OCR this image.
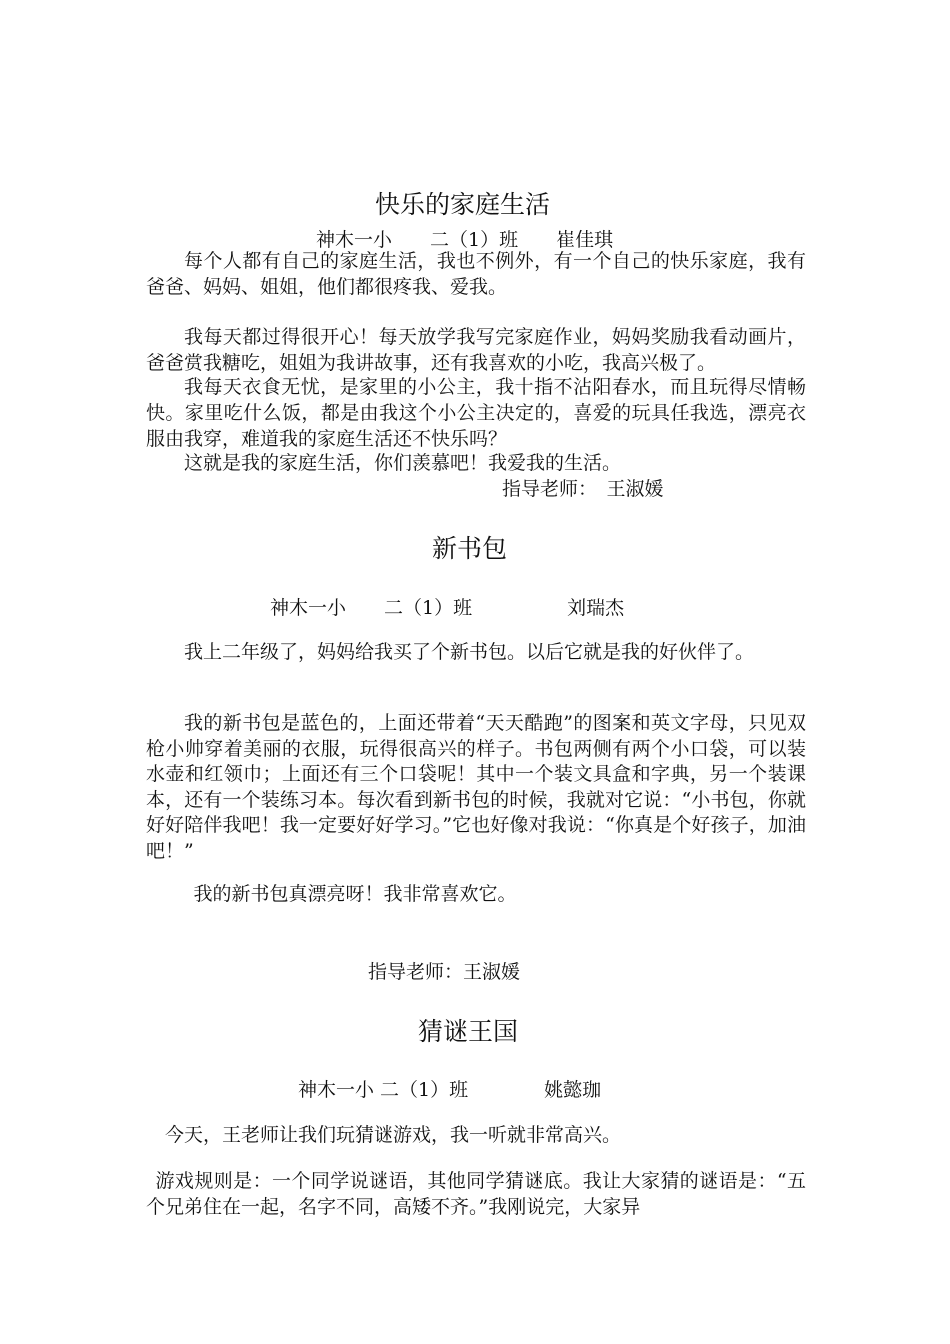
快乐的家庭生活
神木一小　　二（1）班　　崔佳琪

每个人都有自己的家庭生活，我也不例外，有一个自己的快乐家庭，我有爸爸、妈妈、姐姐，他们都很疼我、爱我。

我每天都过得很开心！每天放学我写完家庭作业，妈妈奖励我看动画片，爸爸赏我糖吃，姐姐为我讲故事，还有我喜欢的小吃，我高兴极了。

我每天衣食无忧，是家里的小公主，我十指不沾阳春水，而且玩得尽情畅快。家里吃什么饭，都是由我这个小公主决定的，喜爱的玩具任我选，漂亮衣服由我穿，难道我的家庭生活还不快乐吗？

这就是我的家庭生活，你们羡慕吧！我爱我的生活。

指导老师：　王淑媛
新书包
神木一小　　二（1）班　　　　　刘瑞杰

我上二年级了，妈妈给我买了个新书包。以后它就是我的好伙伴了。

我的新书包是蓝色的，上面还带着“天天酷跑”的图案和英文字母，只见双枪小帅穿着美丽的衣服，玩得很高兴的样子。书包两侧有两个小口袋，可以装水壶和红领巾；上面还有三个口袋呢！其中一个装文具盒和字典，另一个装课本，还有一个装练习本。每次看到新书包的时候，我就对它说：“小书包，你就好好陪伴我吧！我一定要好好学习。”它也好像对我说：“你真是个好孩子，加油吧！”

我的新书包真漂亮呀！我非常喜欢它。

指导老师：王淑媛
猜谜王国
神木一小 二（1）班　　　　姚懿珈

今天，王老师让我们玩猜谜游戏，我一听就非常高兴。

游戏规则是：一个同学说谜语，其他同学猜谜底。我让大家猜的谜语是：“五个兄弟住在一起，名字不同，高矮不齐。”我刚说完，大家异
